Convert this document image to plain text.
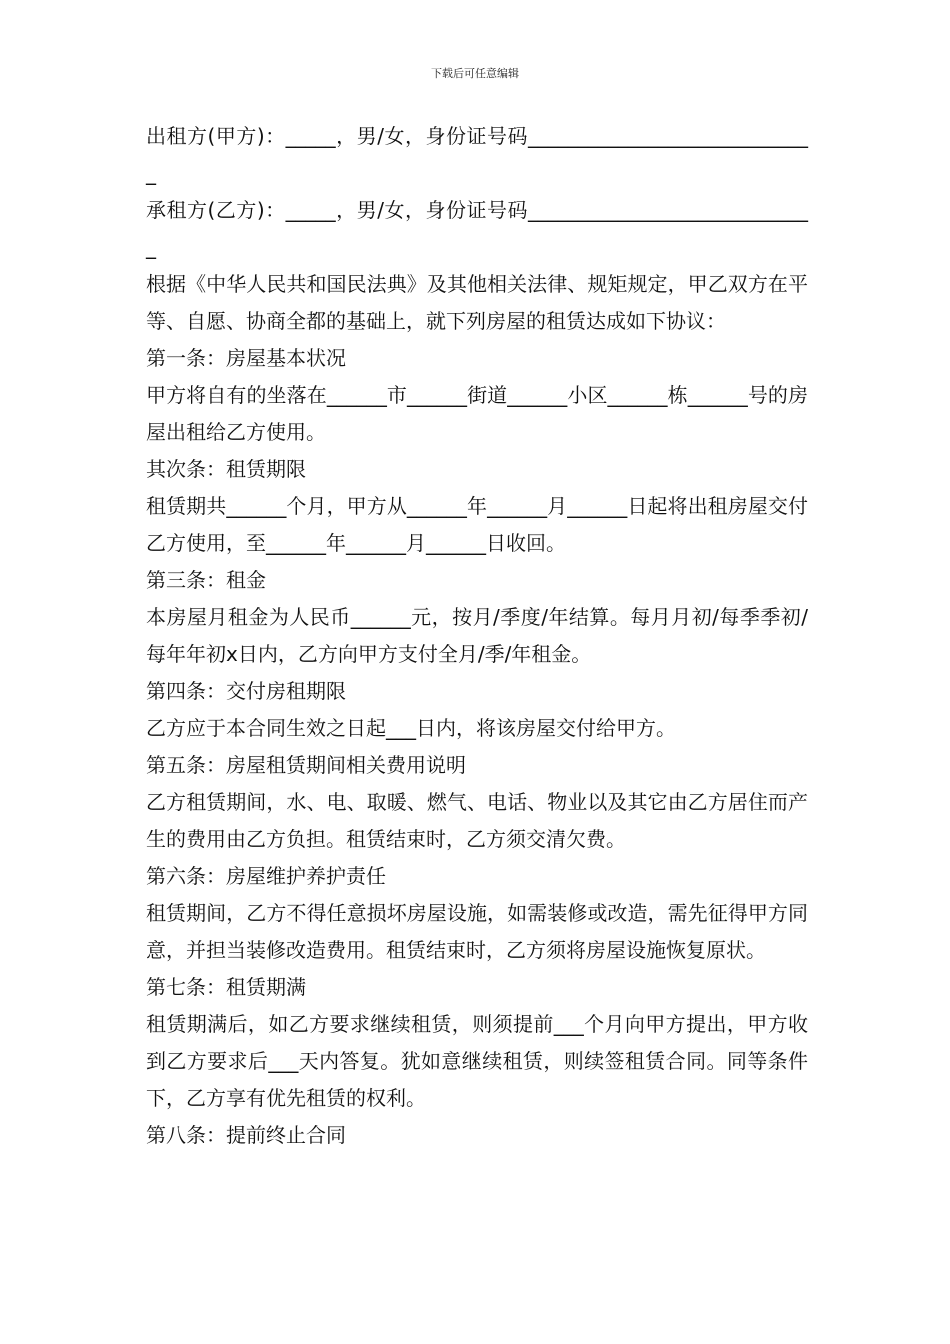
下载后可任意编辑

出租方(甲方)：_____，男/女，身份证号码_____________________________

承租方(乙方)：_____，男/女，身份证号码_____________________________

根据《中华人民共和国民法典》及其他相关法律、规矩规定，甲乙双方在平等、自愿、协商全都的基础上，就下列房屋的租赁达成如下协议：

第一条：房屋基本状况

甲方将自有的坐落在______市______街道______小区______栋______号的房屋出租给乙方使用。

其次条：租赁期限

租赁期共______个月，甲方从______年______月______日起将出租房屋交付乙方使用，至______年______月______日收回。

第三条：租金

本房屋月租金为人民币______元，按月/季度/年结算。每月月初/每季季初/每年年初x日内，乙方向甲方支付全月/季/年租金。

第四条：交付房租期限

乙方应于本合同生效之日起___日内，将该房屋交付给甲方。

第五条：房屋租赁期间相关费用说明

乙方租赁期间，水、电、取暖、燃气、电话、物业以及其它由乙方居住而产生的费用由乙方负担。租赁结束时，乙方须交清欠费。

第六条：房屋维护养护责任

租赁期间，乙方不得任意损坏房屋设施，如需装修或改造，需先征得甲方同意，并担当装修改造费用。租赁结束时，乙方须将房屋设施恢复原状。

第七条：租赁期满

租赁期满后，如乙方要求继续租赁，则须提前___个月向甲方提出，甲方收到乙方要求后___天内答复。犹如意继续租赁，则续签租赁合同。同等条件下，乙方享有优先租赁的权利。

第八条：提前终止合同
